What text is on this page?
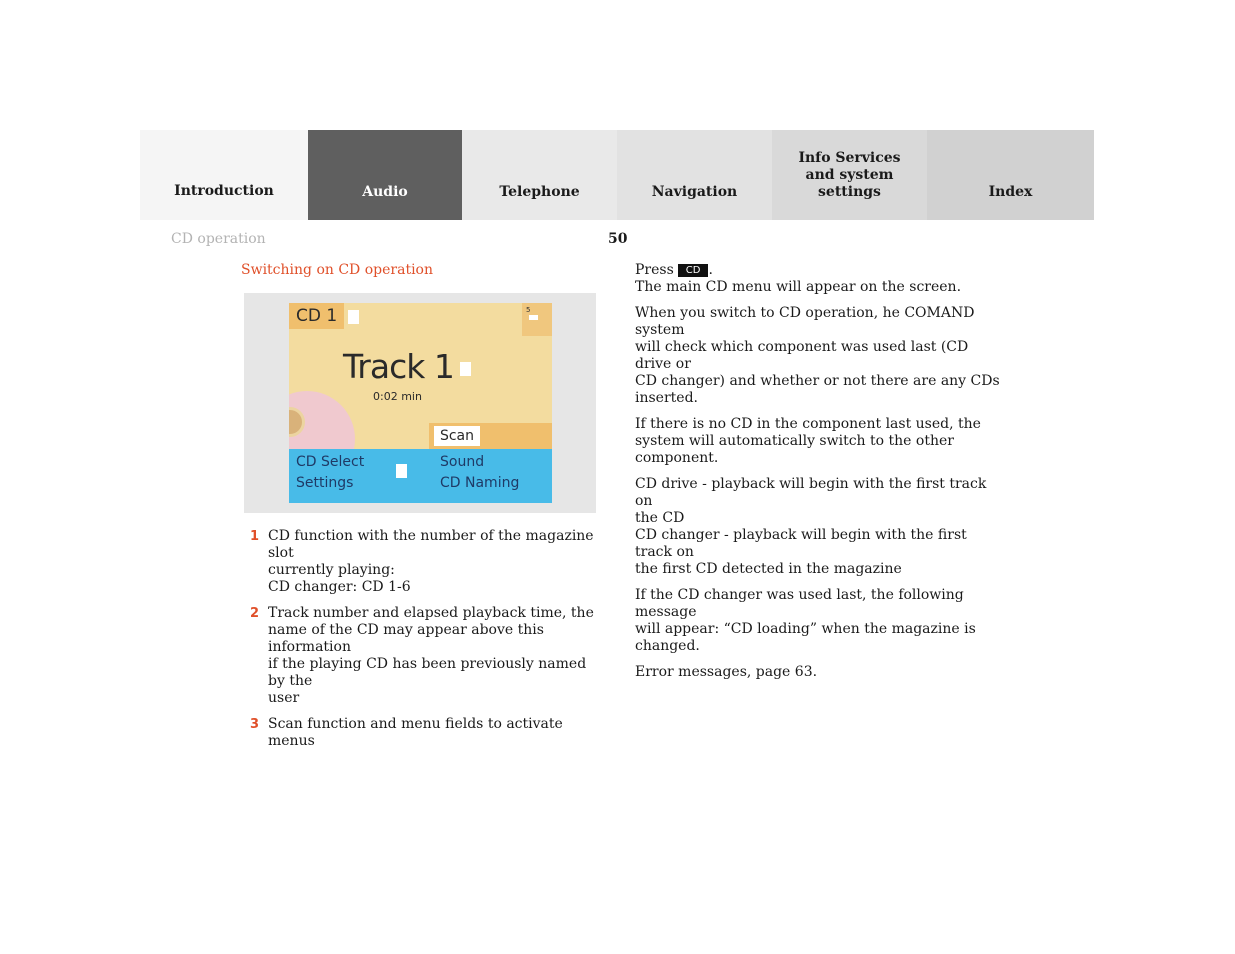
Introduction	Audio	Telephone	Navigation
Info Services and system settings	Index
CD operation	50
Switching on CD operation
CD 1	5
Track 1
0:02 min
Scan
CD Select
Settings
Sound
CD Naming
1 CD function with the number of the magazine slot
currently playing:
CD changer: CD 1-6
2 Track number and elapsed playback time, the
name of the CD may appear above this information
if the playing CD has been previously named by the
user
3 Scan function and menu fields to activate menus

Press CD .
The main CD menu will appear on the screen.

When you switch to CD operation, he COMAND system
will check which component was used last (CD drive or
CD changer) and whether or not there are any CDs
inserted.

If there is no CD in the component last used, the
system will automatically switch to the other
component.

CD drive - playback will begin with the first track on
the CD
CD changer - playback will begin with the first track on
the first CD detected in the magazine

If the CD changer was used last, the following message
will appear: “CD loading” when the magazine is
changed.

Error messages, page 63.
